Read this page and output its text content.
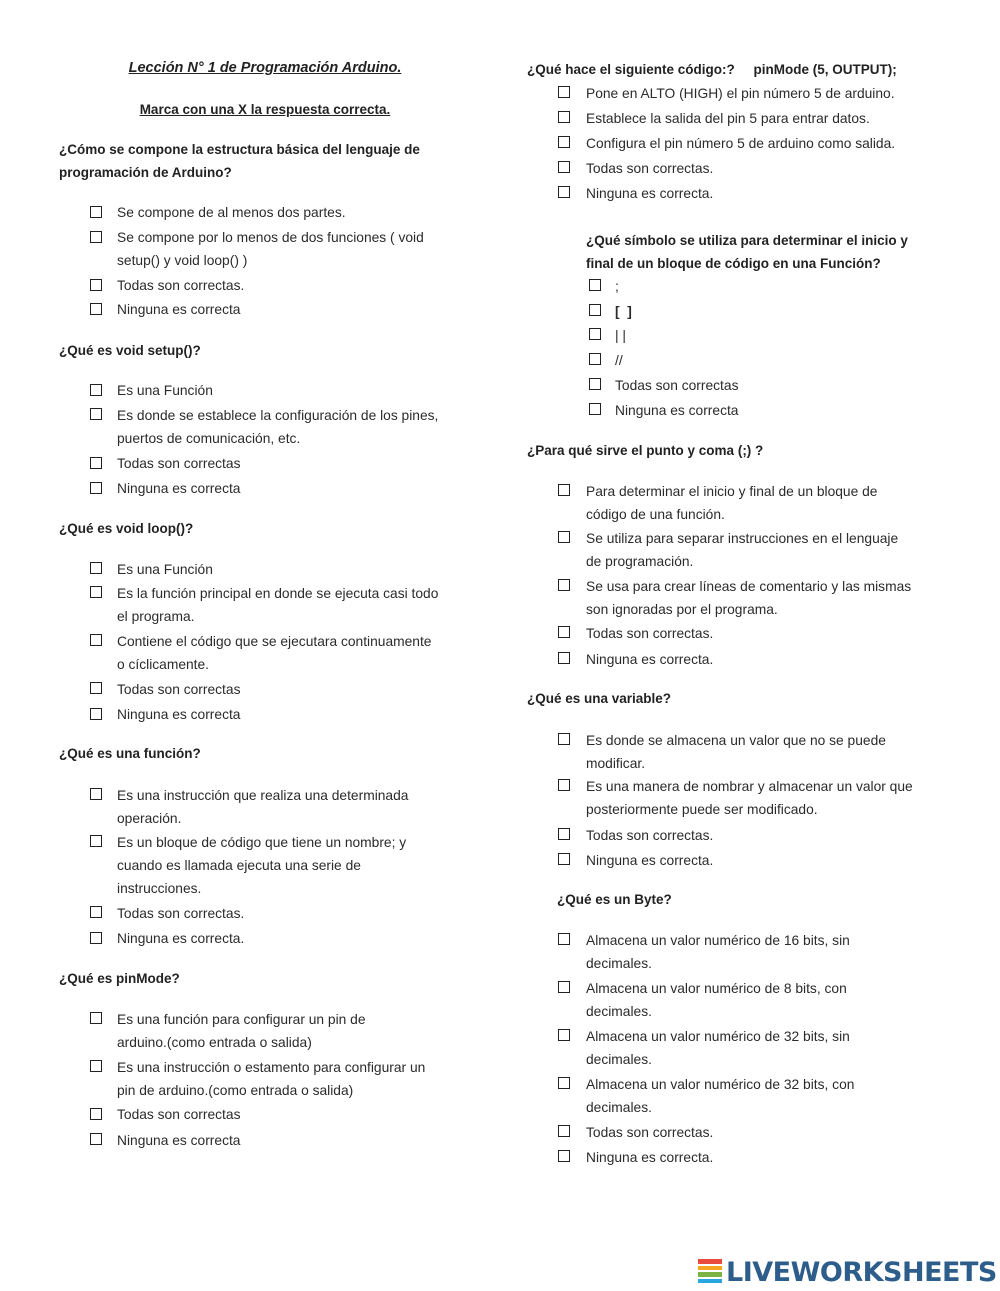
Lección N° 1 de Programación Arduino.
Marca con una X la respuesta correcta.
¿Cómo se compone la estructura básica del lenguaje de
programación de Arduino?
Se compone de al menos dos partes.
Se compone por lo menos de dos funciones ( void
setup() y void loop() )
Todas son correctas.
Ninguna es correcta
¿Qué es void setup()?
Es una Función
Es donde se establece la configuración de los pines,
puertos de comunicación, etc.
Todas son correctas
Ninguna es correcta
¿Qué es void loop()?
Es una Función
Es la función principal en donde se ejecuta casi todo
el programa.
Contiene el código que se ejecutara continuamente
o cíclicamente.
Todas son correctas
Ninguna es correcta
¿Qué es una función?
Es una instrucción que realiza una determinada
operación.
Es un bloque de código que tiene un nombre; y
cuando es llamada ejecuta una serie de
instrucciones.
Todas son correctas.
Ninguna es correcta.
¿Qué es pinMode?
Es una función para configurar un pin de
arduino.(como entrada o salida)
Es una instrucción o estamento para configurar un
pin de arduino.(como entrada o salida)
Todas son correctas
Ninguna es correcta
¿Qué hace el siguiente código:?     pinMode (5, OUTPUT);
Pone en ALTO (HIGH) el pin número 5 de arduino.
Establece la salida del pin 5 para entrar datos.
Configura el pin número 5 de arduino como salida.
Todas son correctas.
Ninguna es correcta.
¿Qué símbolo se utiliza para determinar el inicio y
final de un bloque de código en una Función?
;
[  ]
| |
//
Todas son correctas
Ninguna es correcta
¿Para qué sirve el punto y coma (;) ?
Para determinar el inicio y final de un bloque de
código de una función.
Se utiliza para separar instrucciones en el lenguaje
de programación.
Se usa para crear líneas de comentario y las mismas
son ignoradas por el programa.
Todas son correctas.
Ninguna es correcta.
¿Qué es una variable?
Es donde se almacena un valor que no se puede
modificar.
Es una manera de nombrar y almacenar un valor que
posteriormente puede ser modificado.
Todas son correctas.
Ninguna es correcta.
¿Qué es un Byte?
Almacena un valor numérico de 16 bits, sin
decimales.
Almacena un valor numérico de 8 bits, con
decimales.
Almacena un valor numérico de 32 bits, sin
decimales.
Almacena un valor numérico de 32 bits, con
decimales.
Todas son correctas.
Ninguna es correcta.
LIVEWORKSHEETS
